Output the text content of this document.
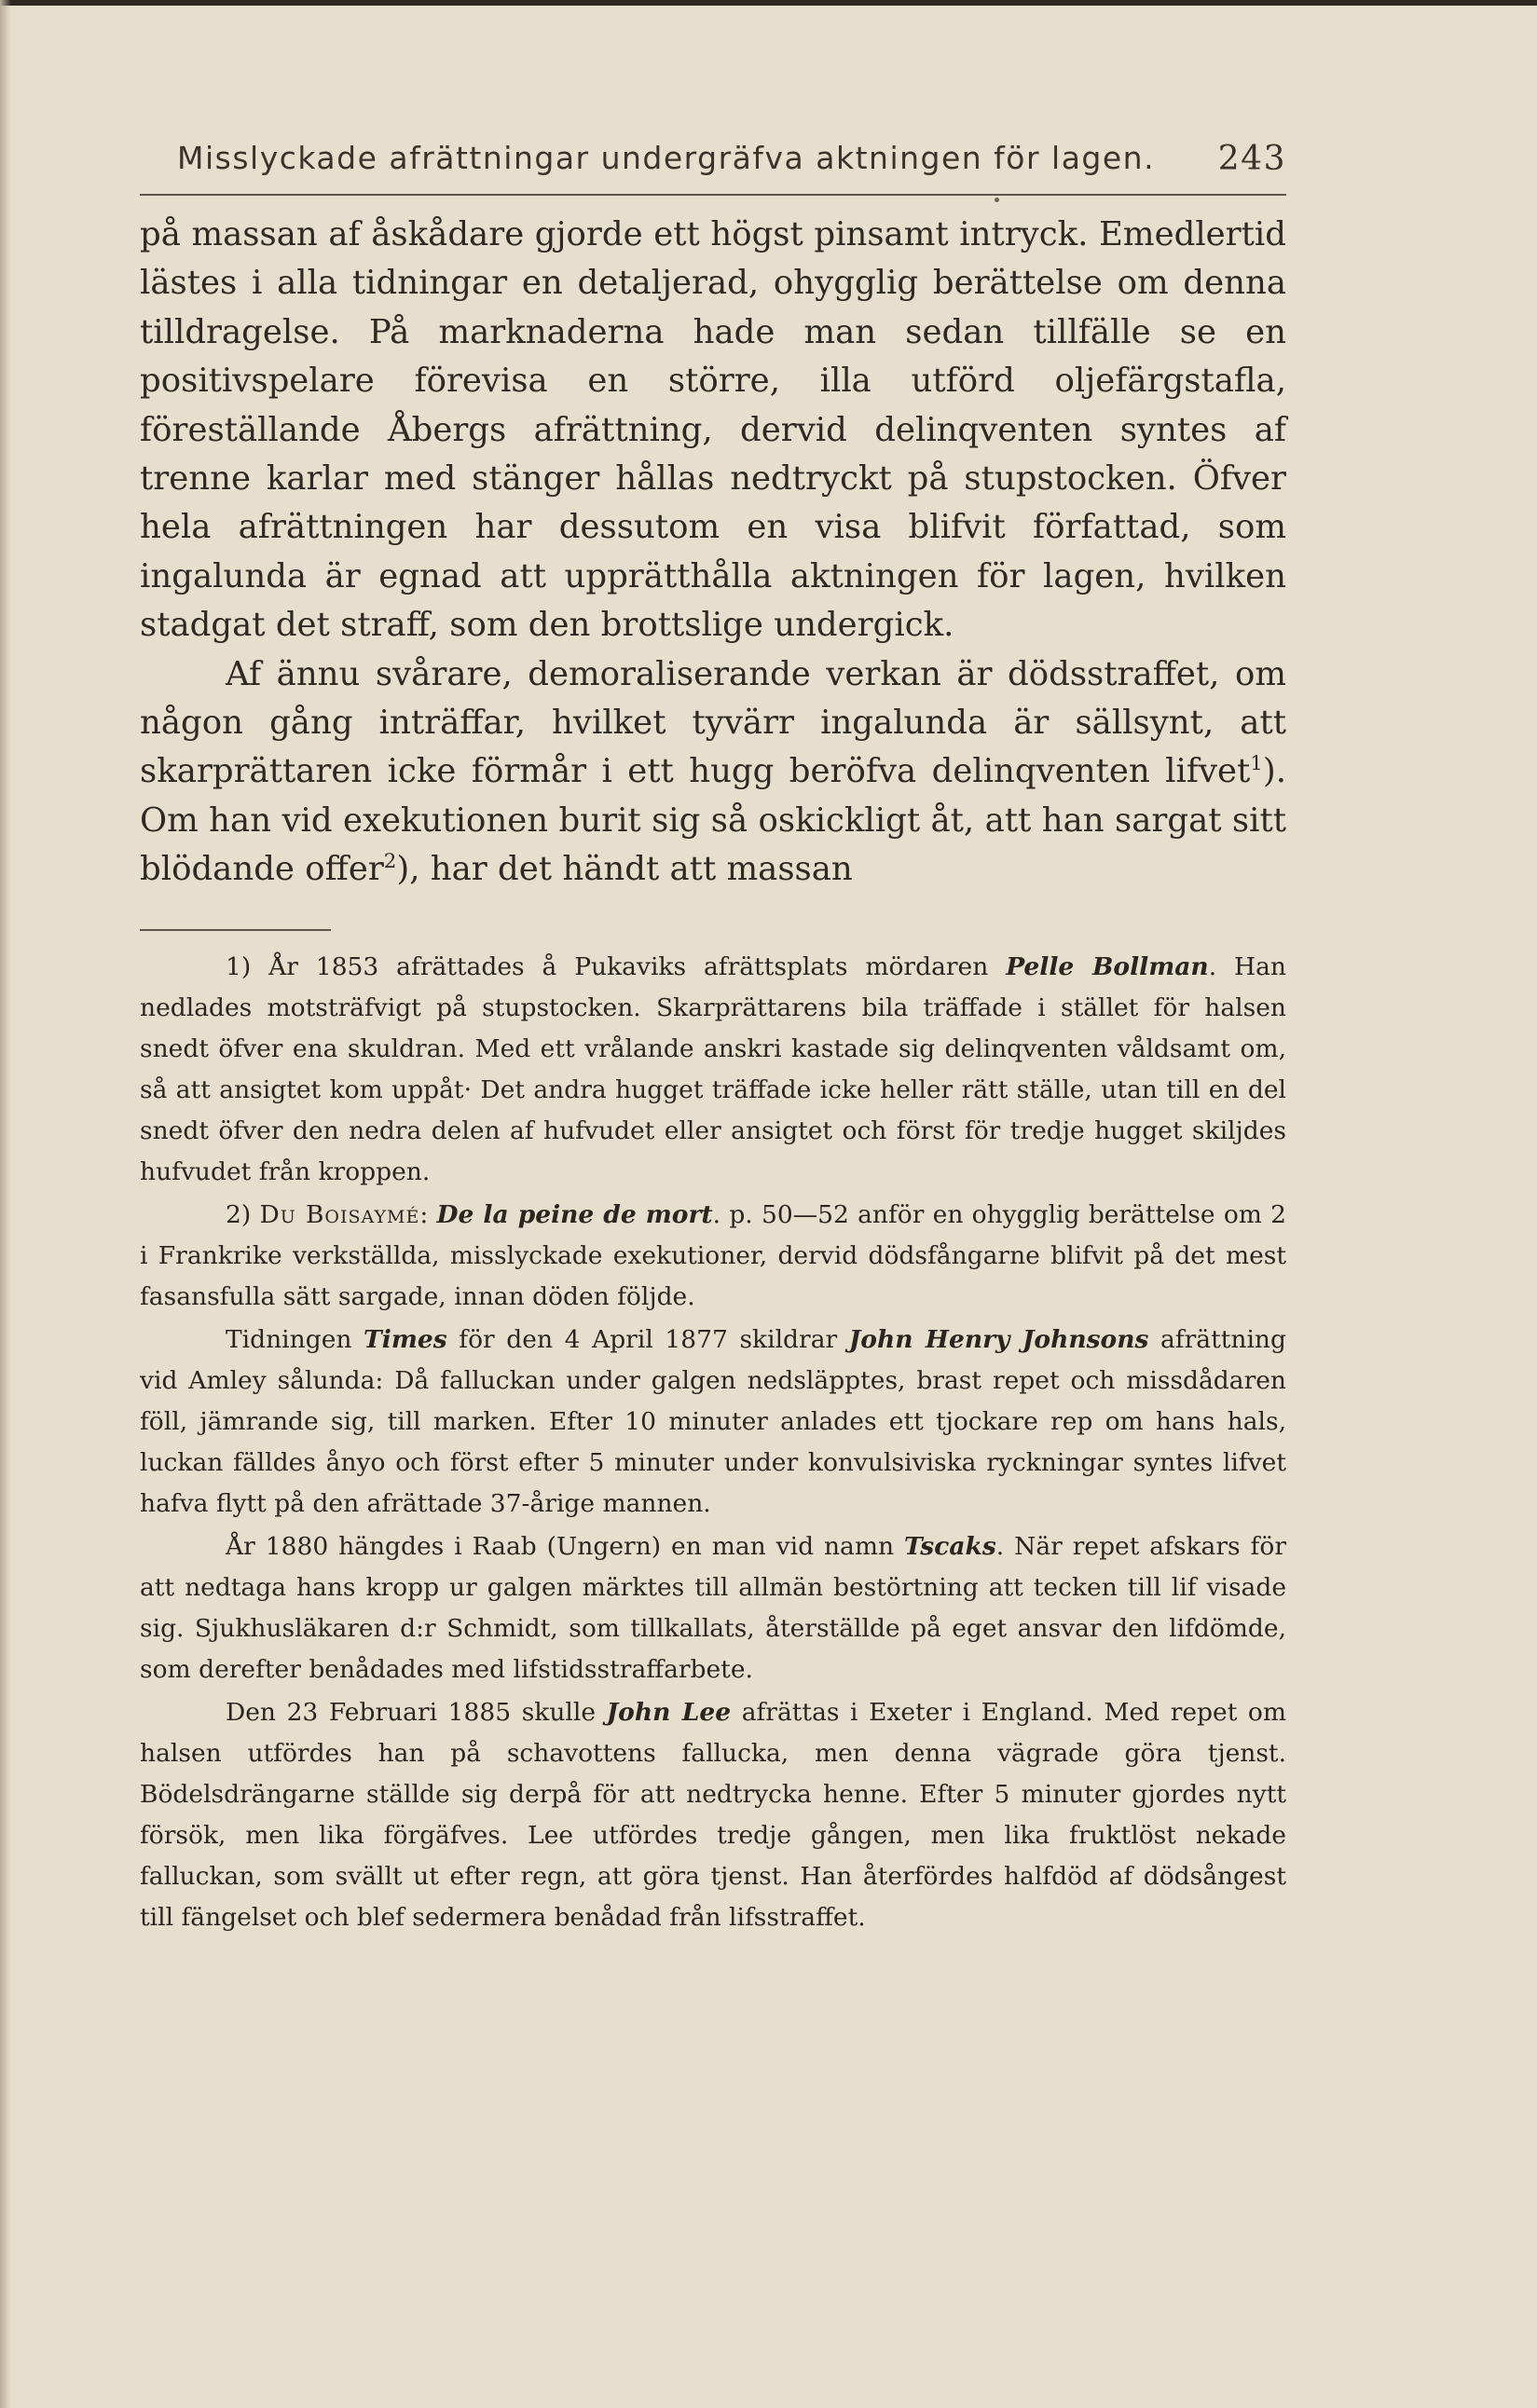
Misslyckade afrättningar undergräfva aktningen för lagen. 243

på massan af åskådare gjorde ett högst pinsamt intryck. Emedlertid lästes i alla tidningar en detaljerad, ohygglig berättelse om denna tilldragelse. På marknaderna hade man sedan tillfälle se en positivspelare förevisa en större, illa utförd oljefärgstafla, föreställande Åbergs afrättning, dervid delinqventen syntes af trenne karlar med stänger hållas nedtryckt på stupstocken. Öfver hela afrättningen har dessutom en visa blifvit författad, som ingalunda är egnad att upprätthålla aktningen för lagen, hvilken stadgat det straff, som den brottslige undergick.

Af ännu svårare, demoraliserande verkan är dödsstraffet, om någon gång inträffar, hvilket tyvärr ingalunda är sällsynt, att skarprättaren icke förmår i ett hugg beröfva delinqventen lifvet$^1$). Om han vid exekutionen burit sig så oskickligt åt, att han sargat sitt blödande offer$^2$), har det händt att massan

1) År 1853 afrättades å Pukaviks afrättsplats mördaren Pelle Bollman. Han nedlades motsträfvigt på stupstocken. Skarprättarens bila träffade i stället för halsen snedt öfver ena skuldran. Med ett vrålande anskri kastade sig delinqventen våldsamt om, så att ansigtet kom uppåt· Det andra hugget träffade icke heller rätt ställe, utan till en del snedt öfver den nedra delen af hufvudet eller ansigtet och först för tredje hugget skiljdes hufvudet från kroppen.

2) Du Boisaymé: De la peine de mort. p. 50—52 anför en ohygglig berättelse om 2 i Frankrike verkställda, misslyckade exekutioner, dervid dödsfångarne blifvit på det mest fasansfulla sätt sargade, innan döden följde.

Tidningen Times för den 4 April 1877 skildrar John Henry Johnsons afrättning vid Amley sålunda: Då falluckan under galgen nedsläpptes, brast repet och missdådaren föll, jämrande sig, till marken. Efter 10 minuter anlades ett tjockare rep om hans hals, luckan fälldes ånyo och först efter 5 minuter under konvulsiviska ryckningar syntes lifvet hafva flytt på den afrättade 37-årige mannen.

År 1880 hängdes i Raab (Ungern) en man vid namn Tscaks. När repet afskars för att nedtaga hans kropp ur galgen märktes till allmän bestörtning att tecken till lif visade sig. Sjukhusläkaren d:r Schmidt, som tillkallats, återställde på eget ansvar den lifdömde, som derefter benådades med lifstidsstraffarbete.

Den 23 Februari 1885 skulle John Lee afrättas i Exeter i England. Med repet om halsen utfördes han på schavottens fallucka, men denna vägrade göra tjenst. Bödelsdrängarne ställde sig derpå för att nedtrycka henne. Efter 5 minuter gjordes nytt försök, men lika förgäfves. Lee utfördes tredje gången, men lika fruktlöst nekade falluckan, som svällt ut efter regn, att göra tjenst. Han återfördes halfdöd af dödsångest till fängelset och blef sedermera benådad från lifsstraffet.
